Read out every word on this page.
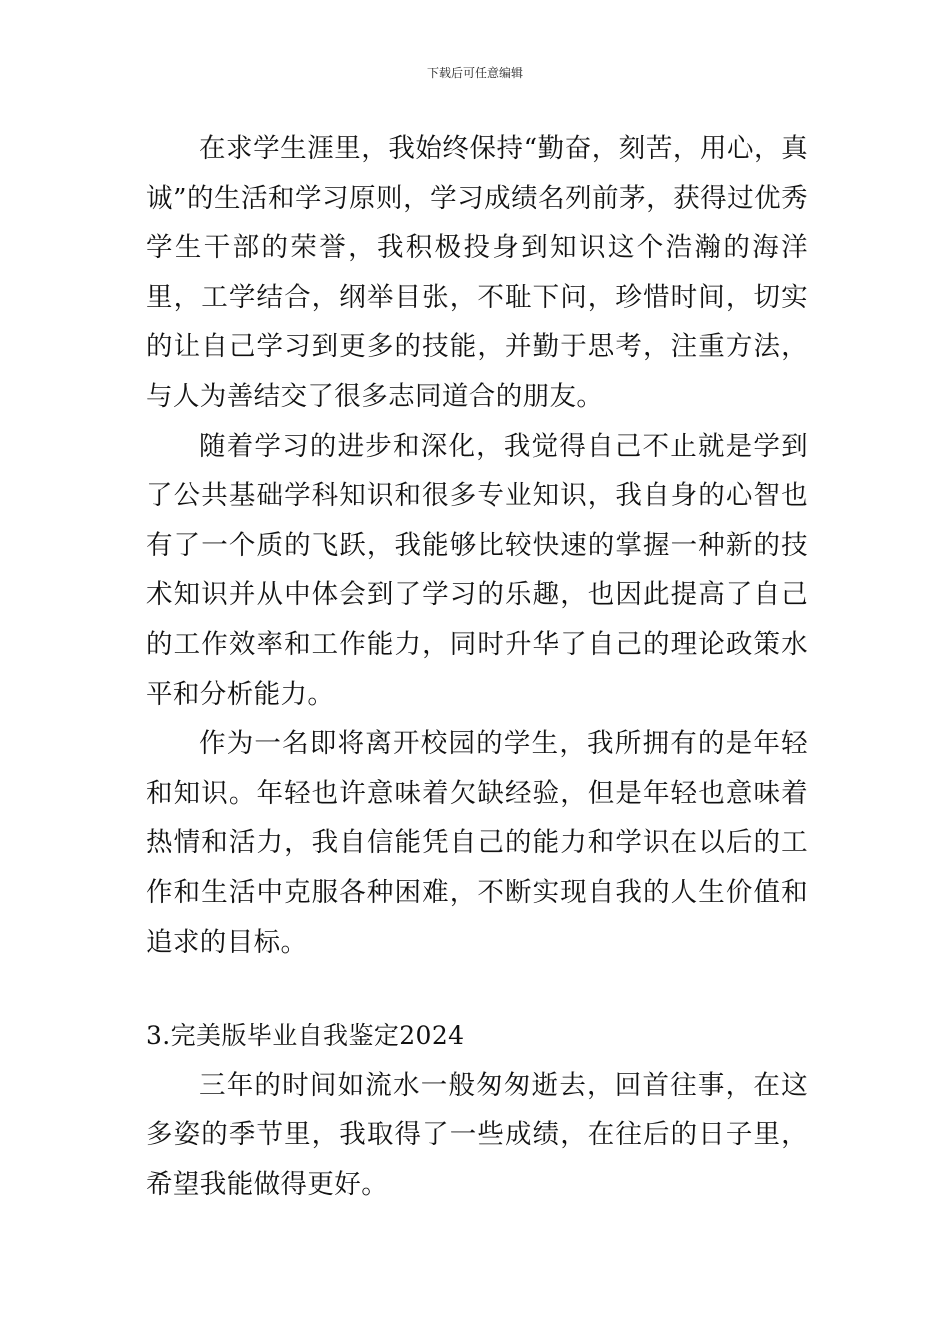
下载后可任意编辑

在求学生涯里，我始终保持“勤奋，刻苦，用心，真诚”的生活和学习原则，学习成绩名列前茅，获得过优秀学生干部的荣誉，我积极投身到知识这个浩瀚的海洋里，工学结合，纲举目张，不耻下问，珍惜时间，切实的让自己学习到更多的技能，并勤于思考，注重方法，与人为善结交了很多志同道合的朋友。

随着学习的进步和深化，我觉得自己不止就是学到了公共基础学科知识和很多专业知识，我自身的心智也有了一个质的飞跃，我能够比较快速的掌握一种新的技术知识并从中体会到了学习的乐趣，也因此提高了自己的工作效率和工作能力，同时升华了自己的理论政策水平和分析能力。

作为一名即将离开校园的学生，我所拥有的是年轻和知识。年轻也许意味着欠缺经验，但是年轻也意味着热情和活力，我自信能凭自己的能力和学识在以后的工作和生活中克服各种困难，不断实现自我的人生价值和追求的目标。

3.完美版毕业自我鉴定2024

三年的时间如流水一般匆匆逝去，回首往事，在这多姿的季节里，我取得了一些成绩，在往后的日子里，希望我能做得更好。
